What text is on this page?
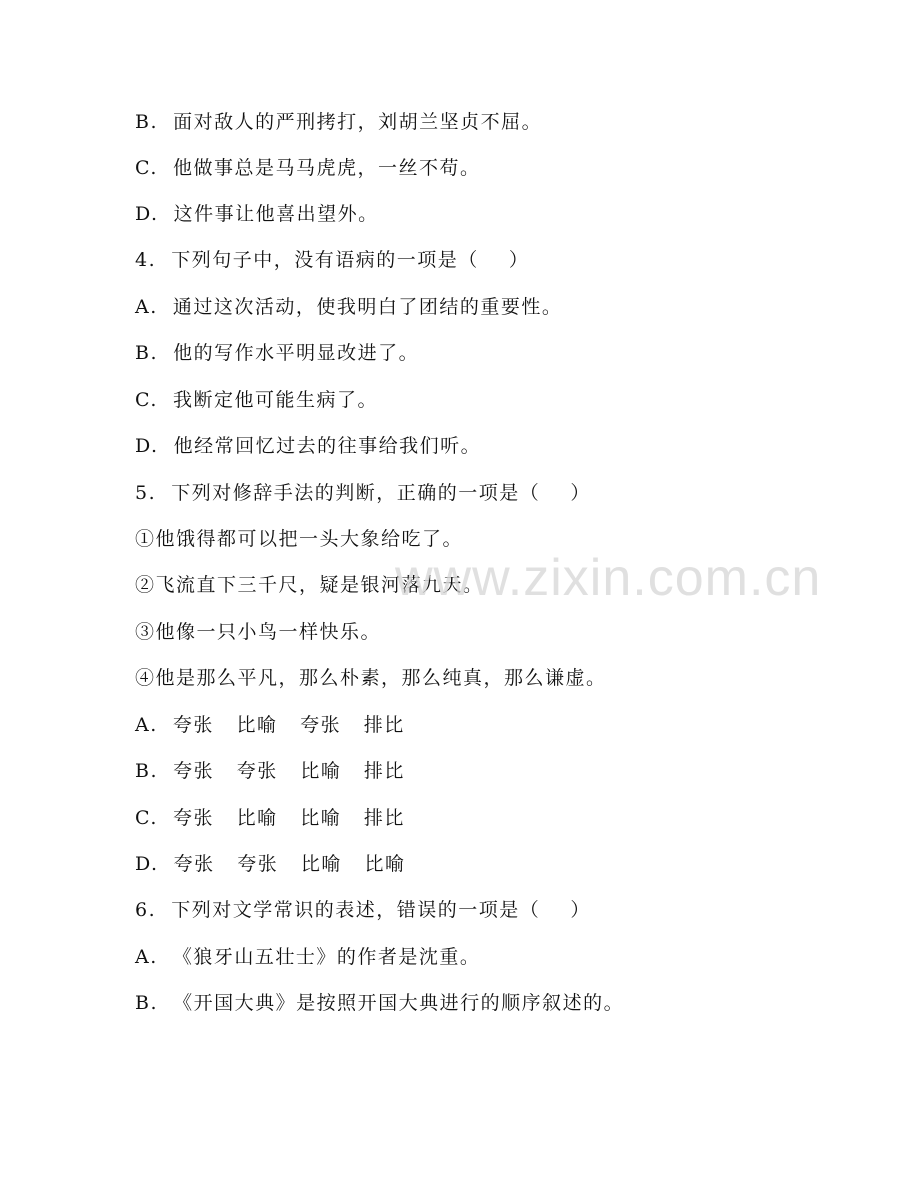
B.  面对敌人的严刑拷打，刘胡兰坚贞不屈。
C.  他做事总是马马虎虎，一丝不苟。
D.  这件事让他喜出望外。
4.  下列句子中，没有语病的一项是（    ）
A.  通过这次活动，使我明白了团结的重要性。
B.  他的写作水平明显改进了。
C.  我断定他可能生病了。
D.  他经常回忆过去的往事给我们听。
5.  下列对修辞手法的判断，正确的一项是（    ）
①他饿得都可以把一头大象给吃了。
②飞流直下三千尺，疑是银河落九天。
③他像一只小鸟一样快乐。
④他是那么平凡，那么朴素，那么纯真，那么谦虚。
A.  夸张   比喻   夸张   排比
B.  夸张   夸张   比喻   排比
C.  夸张   比喻   比喻   排比
D.  夸张   夸张   比喻   比喻
6.  下列对文学常识的表述，错误的一项是（    ）
A.  《狼牙山五壮士》的作者是沈重。
B.  《开国大典》是按照开国大典进行的顺序叙述的。
www.zixin.com.cn
